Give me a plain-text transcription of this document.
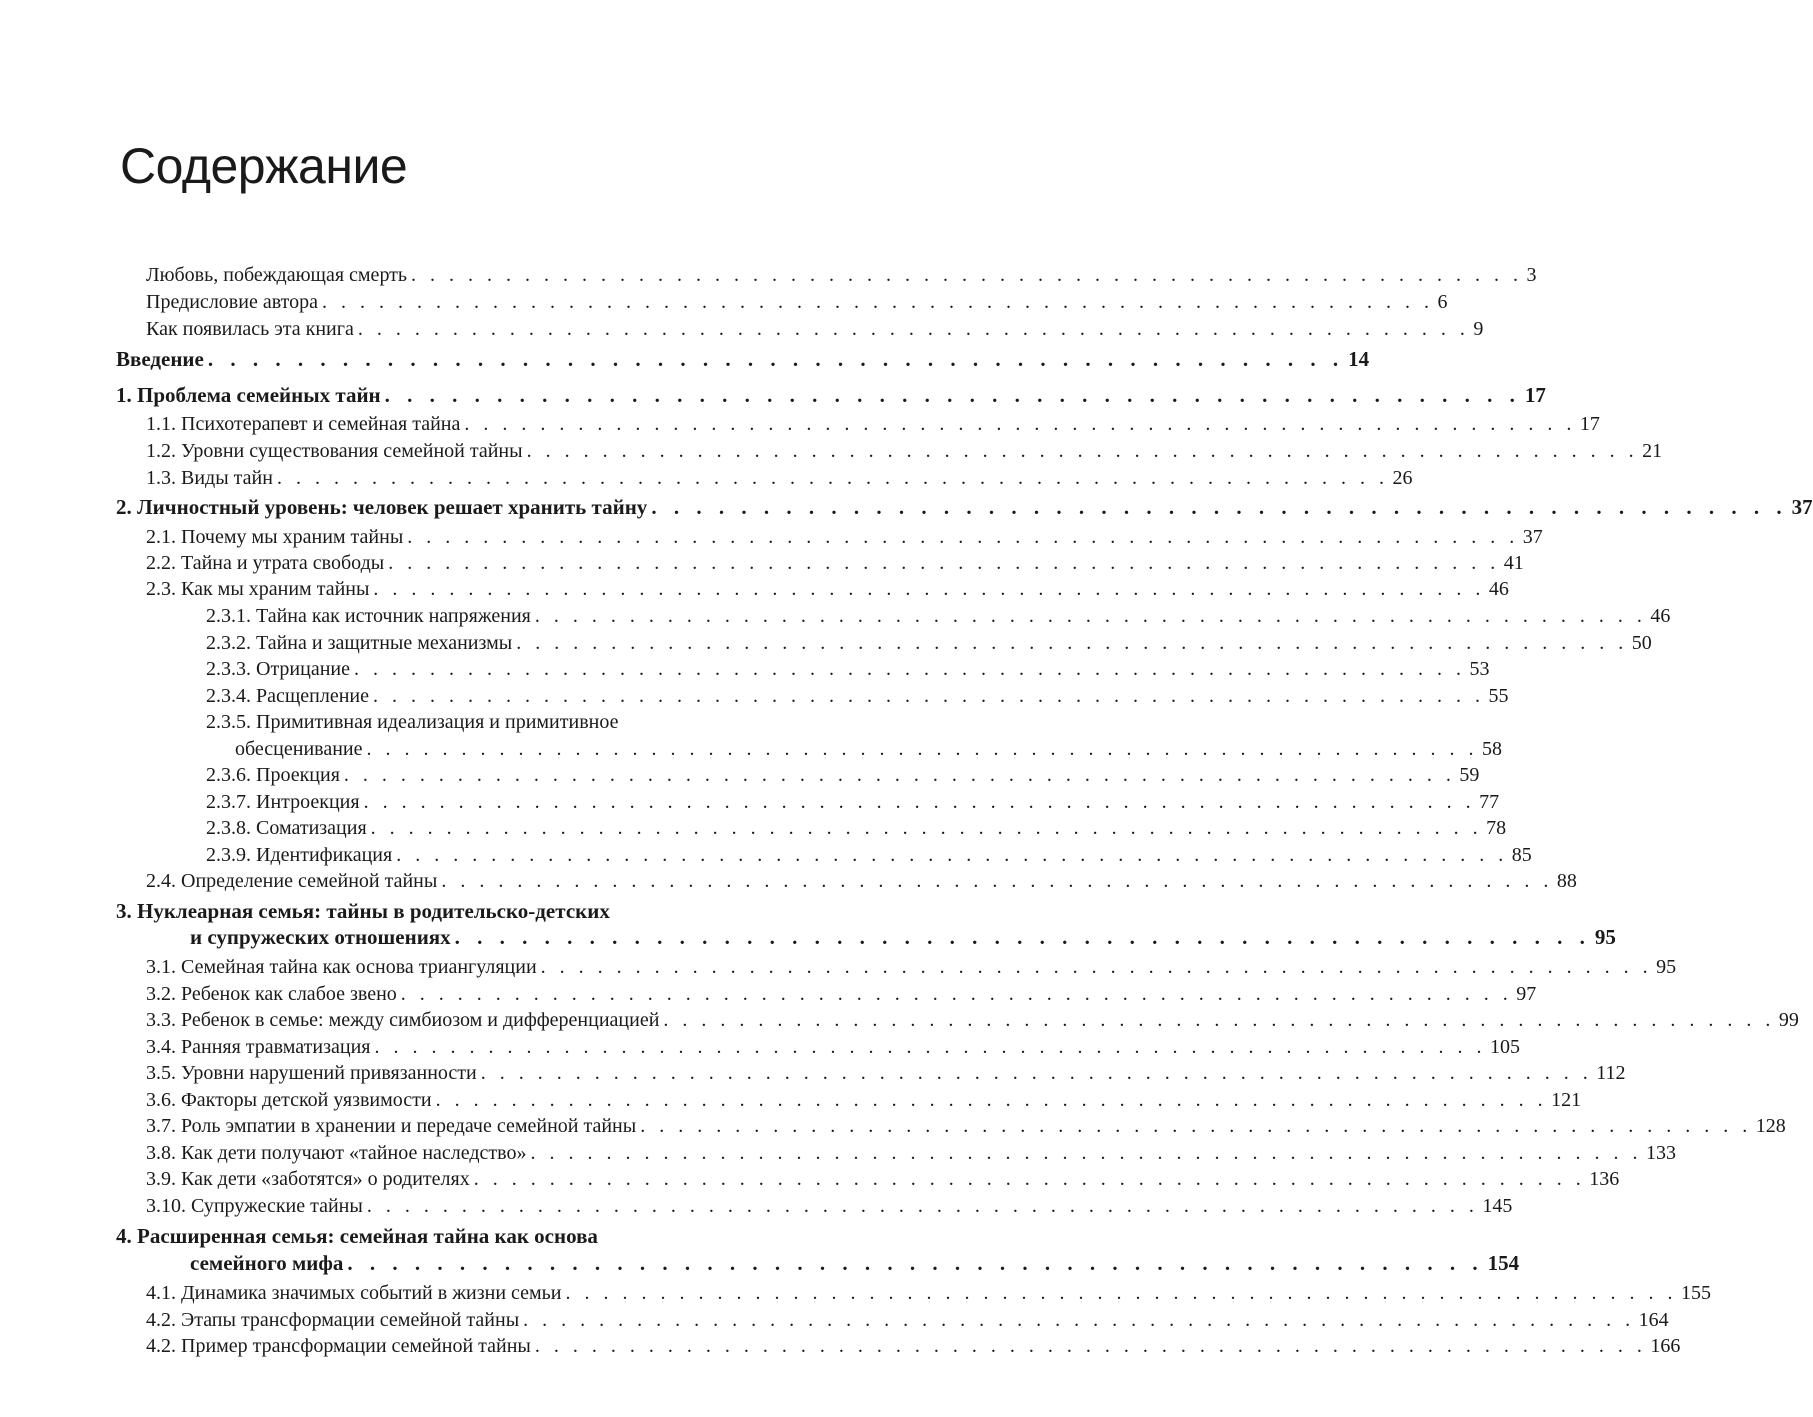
Содержание
Любовь, побеждающая смерть . . . . . . . . . . . . . . . . . . . . . . . . . . . . . . . . . . . . . . . . . . . . . . . . . . . . . . . . . . . 3
Предисловие автора . . . . . . . . . . . . . . . . . . . . . . . . . . . . . . . . . . . . . . . . . . . . . . . . . . . . . . . . . . . 6
Как появилась эта книга . . . . . . . . . . . . . . . . . . . . . . . . . . . . . . . . . . . . . . . . . . . . . . . . . . . . . . . . . . . 9
Введение . . . . . . . . . . . . . . . . . . . . . . . . . . . . . . . . . . . . . . . . . . . . . . . . . . . 14
1. Проблема семейных тайн . . . . . . . . . . . . . . . . . . . . . . . . . . . . . . . . . . . . . . . . . . . . . . . . . . . 17
1.1. Психотерапевт и семейная тайна . . . . . . . . . . . . . . . . . . . . . . . . . . . . . . . . . . . . . . . . . . . . . . . . . . . . . . . . . . . 17
1.2. Уровни существования семейной тайны . . . . . . . . . . . . . . . . . . . . . . . . . . . . . . . . . . . . . . . . . . . . . . . . . . . . . . . . . . . 21
1.3. Виды тайн . . . . . . . . . . . . . . . . . . . . . . . . . . . . . . . . . . . . . . . . . . . . . . . . . . . . . . . . . . . 26
2. Личностный уровень: человек решает хранить тайну . . . . . . . . . . . . . . . . . . . . . . . . . . . . . . . . . . . . . . . . . . . . . . . . . . . 37
2.1. Почему мы храним тайны . . . . . . . . . . . . . . . . . . . . . . . . . . . . . . . . . . . . . . . . . . . . . . . . . . . . . . . . . . . 37
2.2. Тайна и утрата свободы . . . . . . . . . . . . . . . . . . . . . . . . . . . . . . . . . . . . . . . . . . . . . . . . . . . . . . . . . . . 41
2.3. Как мы храним тайны . . . . . . . . . . . . . . . . . . . . . . . . . . . . . . . . . . . . . . . . . . . . . . . . . . . . . . . . . . . 46
2.3.1. Тайна как источник напряжения . . . . . . . . . . . . . . . . . . . . . . . . . . . . . . . . . . . . . . . . . . . . . . . . . . . . . . . . . . . 46
2.3.2. Тайна и защитные механизмы . . . . . . . . . . . . . . . . . . . . . . . . . . . . . . . . . . . . . . . . . . . . . . . . . . . . . . . . . . . 50
2.3.3. Отрицание . . . . . . . . . . . . . . . . . . . . . . . . . . . . . . . . . . . . . . . . . . . . . . . . . . . . . . . . . . . 53
2.3.4. Расщепление . . . . . . . . . . . . . . . . . . . . . . . . . . . . . . . . . . . . . . . . . . . . . . . . . . . . . . . . . . . 55
2.3.5. Примитивная идеализация и примитивное
обесценивание . . . . . . . . . . . . . . . . . . . . . . . . . . . . . . . . . . . . . . . . . . . . . . . . . . . . . . . . . . . 58
2.3.6. Проекция . . . . . . . . . . . . . . . . . . . . . . . . . . . . . . . . . . . . . . . . . . . . . . . . . . . . . . . . . . . 59
2.3.7. Интроекция . . . . . . . . . . . . . . . . . . . . . . . . . . . . . . . . . . . . . . . . . . . . . . . . . . . . . . . . . . . 77
2.3.8. Соматизация . . . . . . . . . . . . . . . . . . . . . . . . . . . . . . . . . . . . . . . . . . . . . . . . . . . . . . . . . . . 78
2.3.9. Идентификация . . . . . . . . . . . . . . . . . . . . . . . . . . . . . . . . . . . . . . . . . . . . . . . . . . . . . . . . . . . 85
2.4. Определение семейной тайны . . . . . . . . . . . . . . . . . . . . . . . . . . . . . . . . . . . . . . . . . . . . . . . . . . . . . . . . . . . 88
3. Нуклеарная семья: тайны в родительско-детских
и супружеских отношениях . . . . . . . . . . . . . . . . . . . . . . . . . . . . . . . . . . . . . . . . . . . . . . . . . . . 95
3.1. Семейная тайна как основа триангуляции . . . . . . . . . . . . . . . . . . . . . . . . . . . . . . . . . . . . . . . . . . . . . . . . . . . . . . . . . . . 95
3.2. Ребенок как слабое звено . . . . . . . . . . . . . . . . . . . . . . . . . . . . . . . . . . . . . . . . . . . . . . . . . . . . . . . . . . . 97
3.3. Ребенок в семье: между симбиозом и дифференциацией . . . . . . . . . . . . . . . . . . . . . . . . . . . . . . . . . . . . . . . . . . . . . . . . . . . . . . . . . . . 99
3.4. Ранняя травматизация . . . . . . . . . . . . . . . . . . . . . . . . . . . . . . . . . . . . . . . . . . . . . . . . . . . . . . . . . . . 105
3.5. Уровни нарушений привязанности . . . . . . . . . . . . . . . . . . . . . . . . . . . . . . . . . . . . . . . . . . . . . . . . . . . . . . . . . . . 112
3.6. Факторы детской уязвимости . . . . . . . . . . . . . . . . . . . . . . . . . . . . . . . . . . . . . . . . . . . . . . . . . . . . . . . . . . . 121
3.7. Роль эмпатии в хранении и передаче семейной тайны . . . . . . . . . . . . . . . . . . . . . . . . . . . . . . . . . . . . . . . . . . . . . . . . . . . . . . . . . . . 128
3.8. Как дети получают «тайное наследство» . . . . . . . . . . . . . . . . . . . . . . . . . . . . . . . . . . . . . . . . . . . . . . . . . . . . . . . . . . . 133
3.9. Как дети «заботятся» о родителях . . . . . . . . . . . . . . . . . . . . . . . . . . . . . . . . . . . . . . . . . . . . . . . . . . . . . . . . . . . 136
3.10. Супружеские тайны . . . . . . . . . . . . . . . . . . . . . . . . . . . . . . . . . . . . . . . . . . . . . . . . . . . . . . . . . . . 145
4. Расширенная семья: семейная тайна как основа
семейного мифа . . . . . . . . . . . . . . . . . . . . . . . . . . . . . . . . . . . . . . . . . . . . . . . . . . . 154
4.1. Динамика значимых событий в жизни семьи . . . . . . . . . . . . . . . . . . . . . . . . . . . . . . . . . . . . . . . . . . . . . . . . . . . . . . . . . . . 155
4.2. Этапы трансформации семейной тайны . . . . . . . . . . . . . . . . . . . . . . . . . . . . . . . . . . . . . . . . . . . . . . . . . . . . . . . . . . . 164
4.2. Пример трансформации семейной тайны . . . . . . . . . . . . . . . . . . . . . . . . . . . . . . . . . . . . . . . . . . . . . . . . . . . . . . . . . . . 166
